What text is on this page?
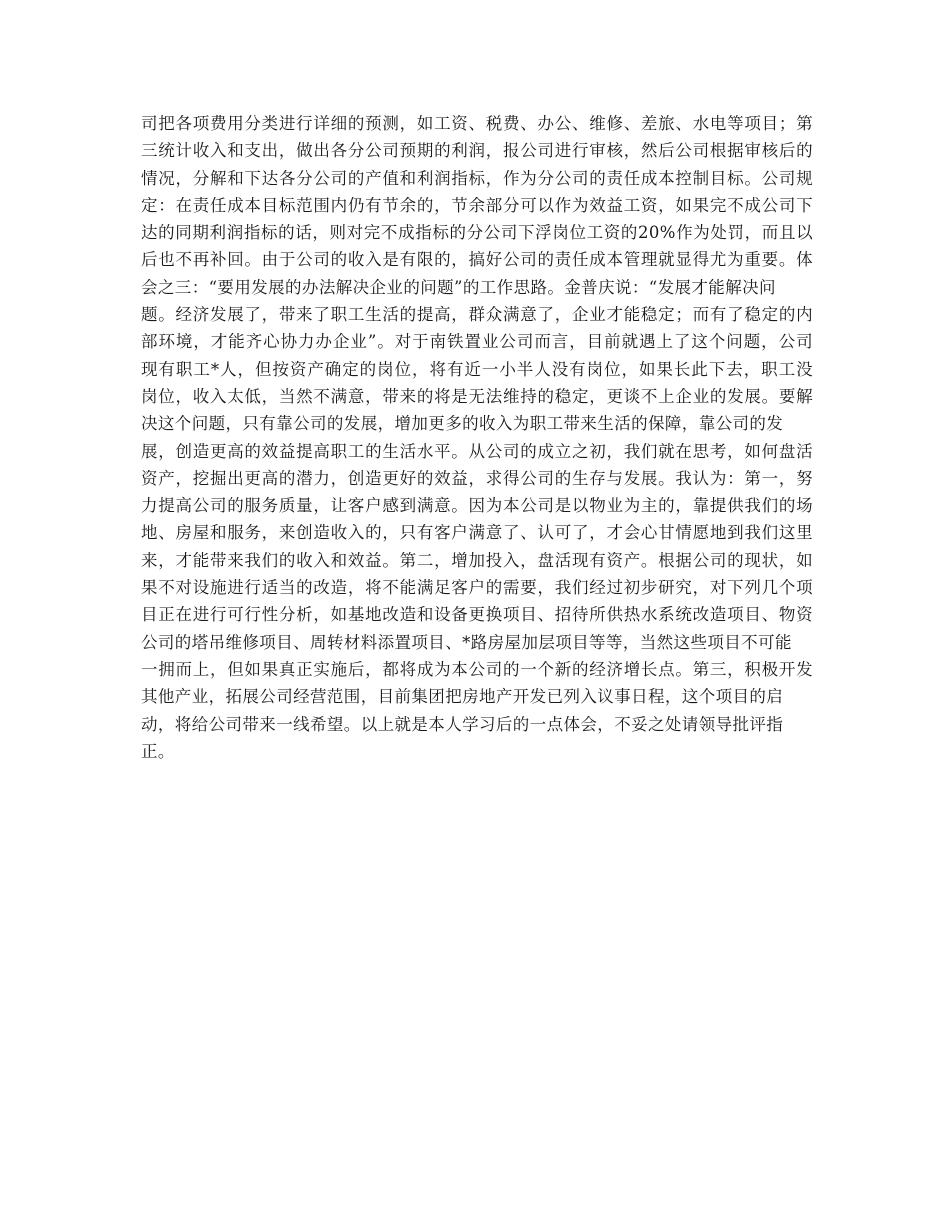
司把各项费用分类进行详细的预测，如工资、税费、办公、维修、差旅、水电等项目；第
三统计收入和支出，做出各分公司预期的利润，报公司进行审核，然后公司根据审核后的
情况，分解和下达各分公司的产值和利润指标，作为分公司的责任成本控制目标。公司规
定：在责任成本目标范围内仍有节余的，节余部分可以作为效益工资，如果完不成公司下
达的同期利润指标的话，则对完不成指标的分公司下浮岗位工资的20%作为处罚，而且以
后也不再补回。由于公司的收入是有限的，搞好公司的责任成本管理就显得尤为重要。体
会之三：“要用发展的办法解决企业的问题”的工作思路。金普庆说：“发展才能解决问
题。经济发展了，带来了职工生活的提高，群众满意了，企业才能稳定；而有了稳定的内
部环境，才能齐心协力办企业”。对于南铁置业公司而言，目前就遇上了这个问题，公司
现有职工*人，但按资产确定的岗位，将有近一小半人没有岗位，如果长此下去，职工没
岗位，收入太低，当然不满意，带来的将是无法维持的稳定，更谈不上企业的发展。要解
决这个问题，只有靠公司的发展，增加更多的收入为职工带来生活的保障，靠公司的发
展，创造更高的效益提高职工的生活水平。从公司的成立之初，我们就在思考，如何盘活
资产，挖掘出更高的潜力，创造更好的效益，求得公司的生存与发展。我认为：第一，努
力提高公司的服务质量，让客户感到满意。因为本公司是以物业为主的，靠提供我们的场
地、房屋和服务，来创造收入的，只有客户满意了、认可了，才会心甘情愿地到我们这里
来，才能带来我们的收入和效益。第二，增加投入，盘活现有资产。根据公司的现状，如
果不对设施进行适当的改造，将不能满足客户的需要，我们经过初步研究，对下列几个项
目正在进行可行性分析，如基地改造和设备更换项目、招待所供热水系统改造项目、物资
公司的塔吊维修项目、周转材料添置项目、*路房屋加层项目等等，当然这些项目不可能
一拥而上，但如果真正实施后，都将成为本公司的一个新的经济增长点。第三，积极开发
其他产业，拓展公司经营范围，目前集团把房地产开发已列入议事日程，这个项目的启
动，将给公司带来一线希望。以上就是本人学习后的一点体会，不妥之处请领导批评指
正。
